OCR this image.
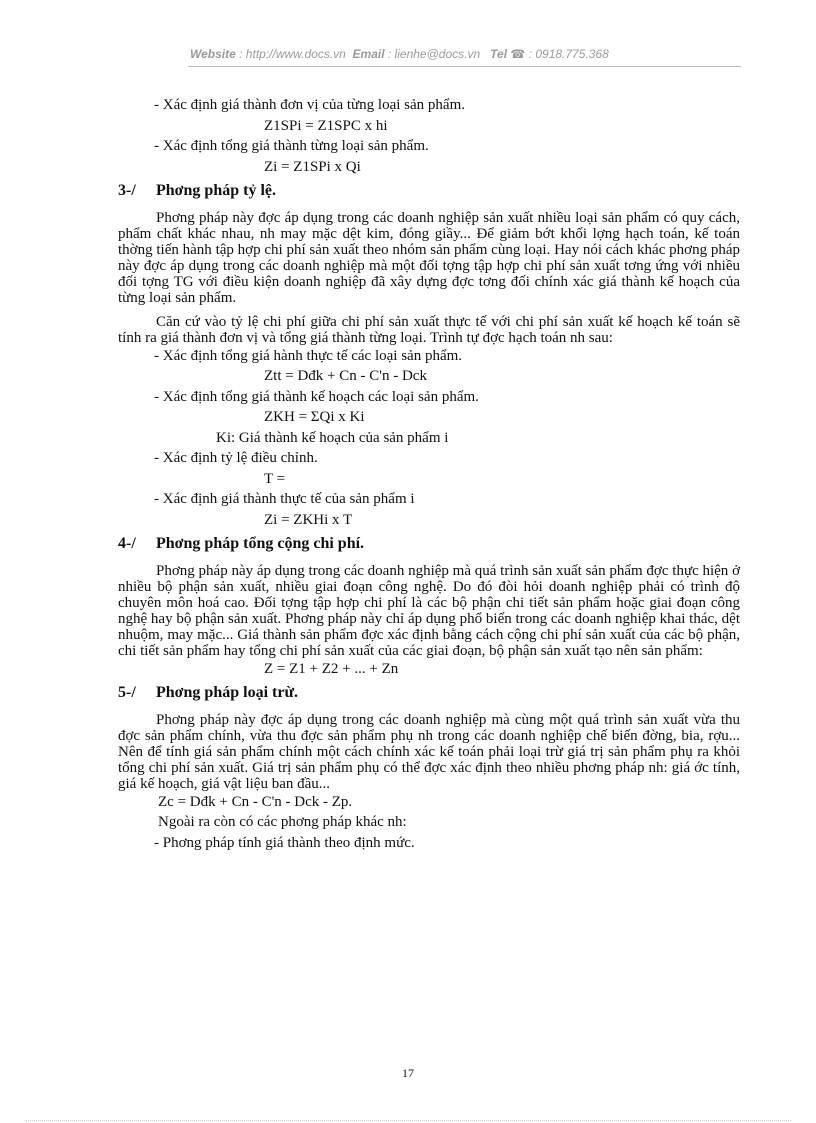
Website : http://www.docs.vn Email : lienhe@docs.vn Tel ☎ : 0918.775.368
- Xác định giá thành đơn vị của từng loại sản phẩm.
Z1SPi = Z1SPC x hi
- Xác định tổng giá thành từng loại sản phẩm.
Zi = Z1SPi x Qi
3-/ Phơng pháp tỷ lệ.
Phơng pháp này đợc áp dụng trong các doanh nghiệp sản xuất nhiều loại sản phẩm có quy cách, phẩm chất khác nhau, nh may mặc dệt kim, đóng giầy... Để giảm bớt khối lợng hạch toán, kế toán thờng tiến hành tập hợp chi phí sản xuất theo nhóm sản phẩm cùng loại. Hay nói cách khác phơng pháp này đợc áp dụng trong các doanh nghiệp mà một đối tợng tập hợp chi phí sản xuất tơng ứng với nhiều đối tợng TG với điều kiện doanh nghiệp đã xây dựng đợc tơng đối chính xác giá thành kế hoạch của từng loại sản phẩm.
Căn cứ vào tỷ lệ chi phí giữa chi phí sản xuất thực tế với chi phí sản xuất kế hoạch kế toán sẽ tính ra giá thành đơn vị và tổng giá thành từng loại. Trình tự đợc hạch toán nh sau:
- Xác định tổng giá hành thực tế các loại sản phẩm.
Ztt = Dđk + Cn - C'n - Dck
- Xác định tổng giá thành kế hoạch các loại sản phẩm.
ZKH = ΣQi x Ki
Ki: Giá thành kế hoạch của sản phẩm i
- Xác định tỷ lệ điều chỉnh.
T =
- Xác định giá thành thực tế của sản phẩm i
Zi = ZKHi x T
4-/ Phơng pháp tổng cộng chi phí.
Phơng pháp này áp dụng trong các doanh nghiệp mà quá trình sản xuất sản phẩm đợc thực hiện ở nhiều bộ phận sản xuất, nhiều giai đoạn công nghệ. Do đó đòi hỏi doanh nghiệp phải có trình độ chuyên môn hoá cao. Đối tợng tập hợp chi phí là các bộ phận chi tiết sản phẩm hoặc giai đoạn công nghệ hay bộ phận sản xuất. Phơng pháp này chỉ áp dụng phổ biến trong các doanh nghiệp khai thác, dệt nhuộm, may mặc... Giá thành sản phẩm đợc xác định bằng cách cộng chi phí sản xuất của các bộ phận, chi tiết sản phẩm hay tổng chi phí sản xuất của các giai đoạn, bộ phận sản xuất tạo nên sản phẩm:
Z = Z1 + Z2 + ... + Zn
5-/ Phơng pháp loại trừ.
Phơng pháp này đợc áp dụng trong các doanh nghiệp mà cùng một quá trình sản xuất vừa thu đợc sản phẩm chính, vừa thu đợc sản phẩm phụ nh trong các doanh nghiệp chế biến đờng, bia, rợu... Nên để tính giá sản phẩm chính một cách chính xác kế toán phải loại trừ giá trị sản phẩm phụ ra khỏi tổng chi phí sản xuất. Giá trị sản phẩm phụ có thể đợc xác định theo nhiều phơng pháp nh: giá ớc tính, giá kế hoạch, giá vật liệu ban đầu...
Zc = Dđk + Cn - C'n - Dck - Zp.
Ngoài ra còn có các phơng pháp khác nh:
- Phơng pháp tính giá thành theo định mức.
17
